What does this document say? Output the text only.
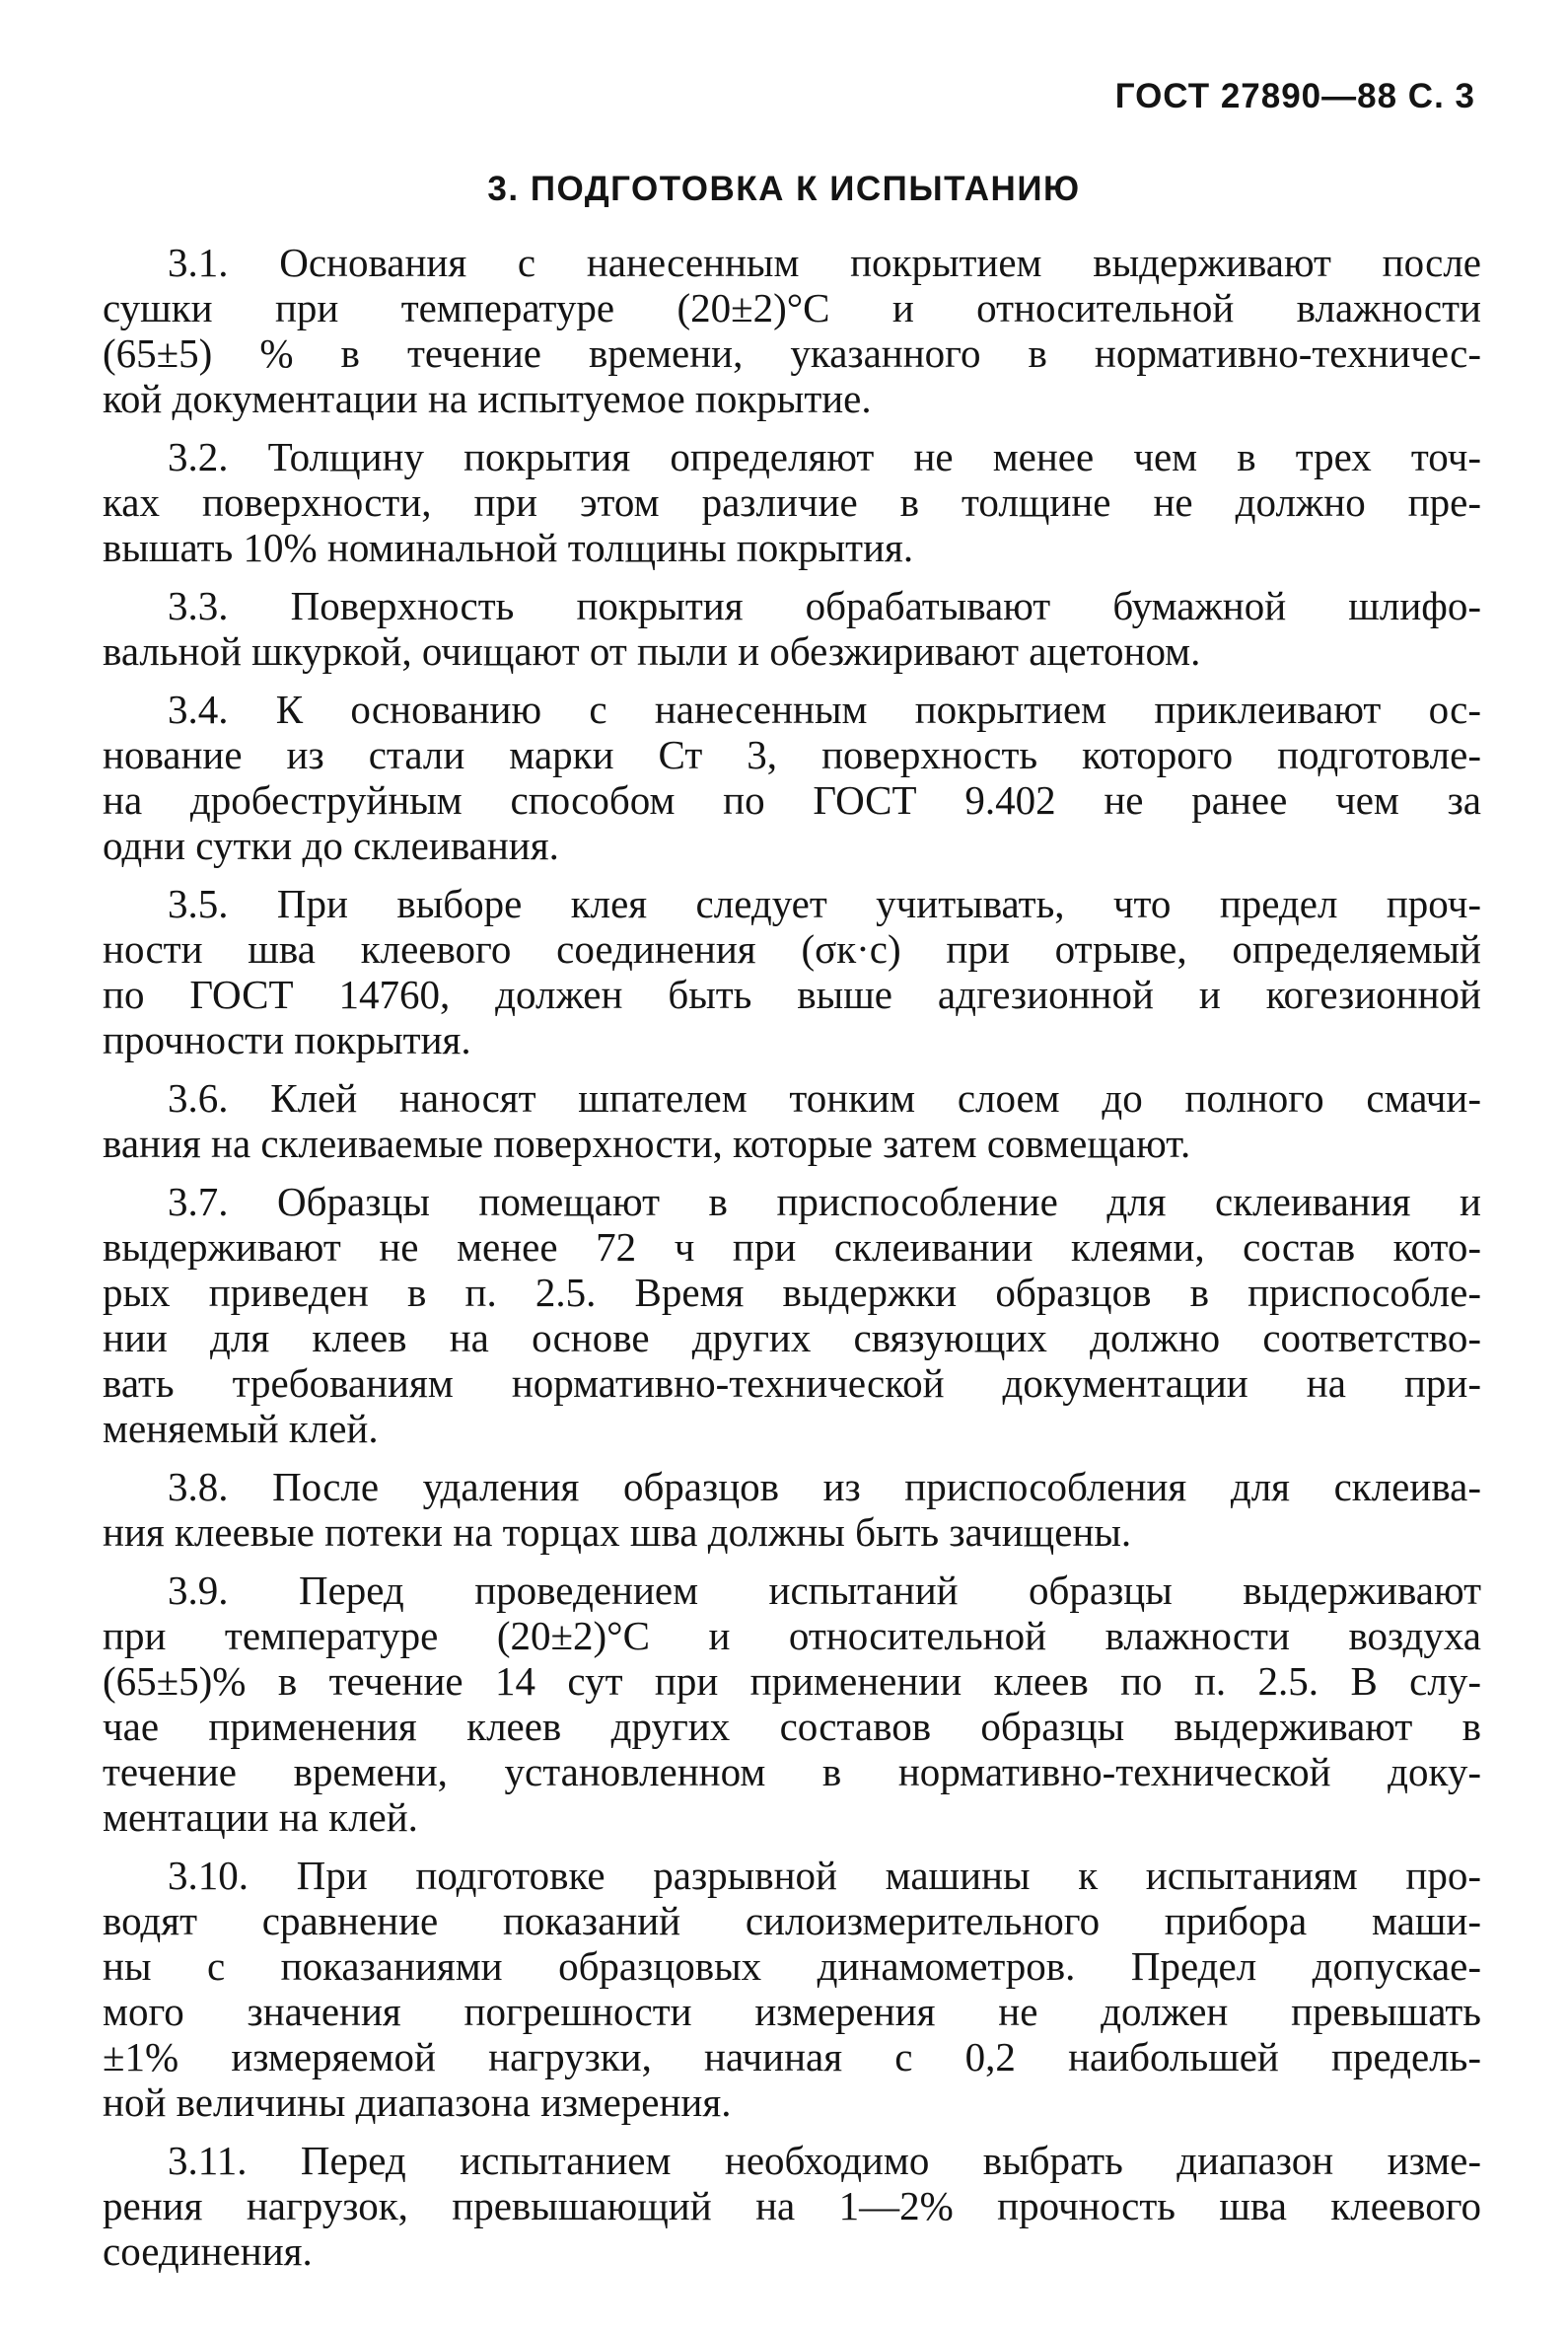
ГОСТ 27890—88 С. 3
3. ПОДГОТОВКА К ИСПЫТАНИЮ
3.1. Основания с нанесенным покрытием выдерживают после
сушки при температуре (20±2)°С и относительной влажности
(65±5) % в течение времени, указанного в нормативно-техничес-
кой документации на испытуемое покрытие.
3.2. Толщину покрытия определяют не менее чем в трех точ-
ках поверхности, при этом различие в толщине не должно пре-
вышать 10% номинальной толщины покрытия.
3.3. Поверхность покрытия обрабатывают бумажной шлифо-
вальной шкуркой, очищают от пыли и обезжиривают ацетоном.
3.4. К основанию с нанесенным покрытием приклеивают ос-
нование из стали марки Ст 3, поверхность которого подготовле-
на дробеструйным способом по ГОСТ 9.402 не ранее чем за
одни сутки до склеивания.
3.5. При выборе клея следует учитывать, что предел проч-
ности шва клеевого соединения (σк·с) при отрыве, определяемый
по ГОСТ 14760, должен быть выше адгезионной и когезионной
прочности покрытия.
3.6. Клей наносят шпателем тонким слоем до полного смачи-
вания на склеиваемые поверхности, которые затем совмещают.
3.7. Образцы помещают в приспособление для склеивания и
выдерживают не менее 72 ч при склеивании клеями, состав кото-
рых приведен в п. 2.5. Время выдержки образцов в приспособле-
нии для клеев на основе других связующих должно соответство-
вать требованиям нормативно-технической документации на при-
меняемый клей.
3.8. После удаления образцов из приспособления для склеива-
ния клеевые потеки на торцах шва должны быть зачищены.
3.9. Перед проведением испытаний образцы выдерживают
при температуре (20±2)°С и относительной влажности воздуха
(65±5)% в течение 14 сут при применении клеев по п. 2.5. В слу-
чае применения клеев других составов образцы выдерживают в
течение времени, установленном в нормативно-технической доку-
ментации на клей.
3.10. При подготовке разрывной машины к испытаниям про-
водят сравнение показаний силоизмерительного прибора маши-
ны с показаниями образцовых динамометров. Предел допускае-
мого значения погрешности измерения не должен превышать
±1% измеряемой нагрузки, начиная с 0,2 наибольшей предель-
ной величины диапазона измерения.
3.11. Перед испытанием необходимо выбрать диапазон изме-
рения нагрузок, превышающий на 1—2% прочность шва клеевого
соединения.
